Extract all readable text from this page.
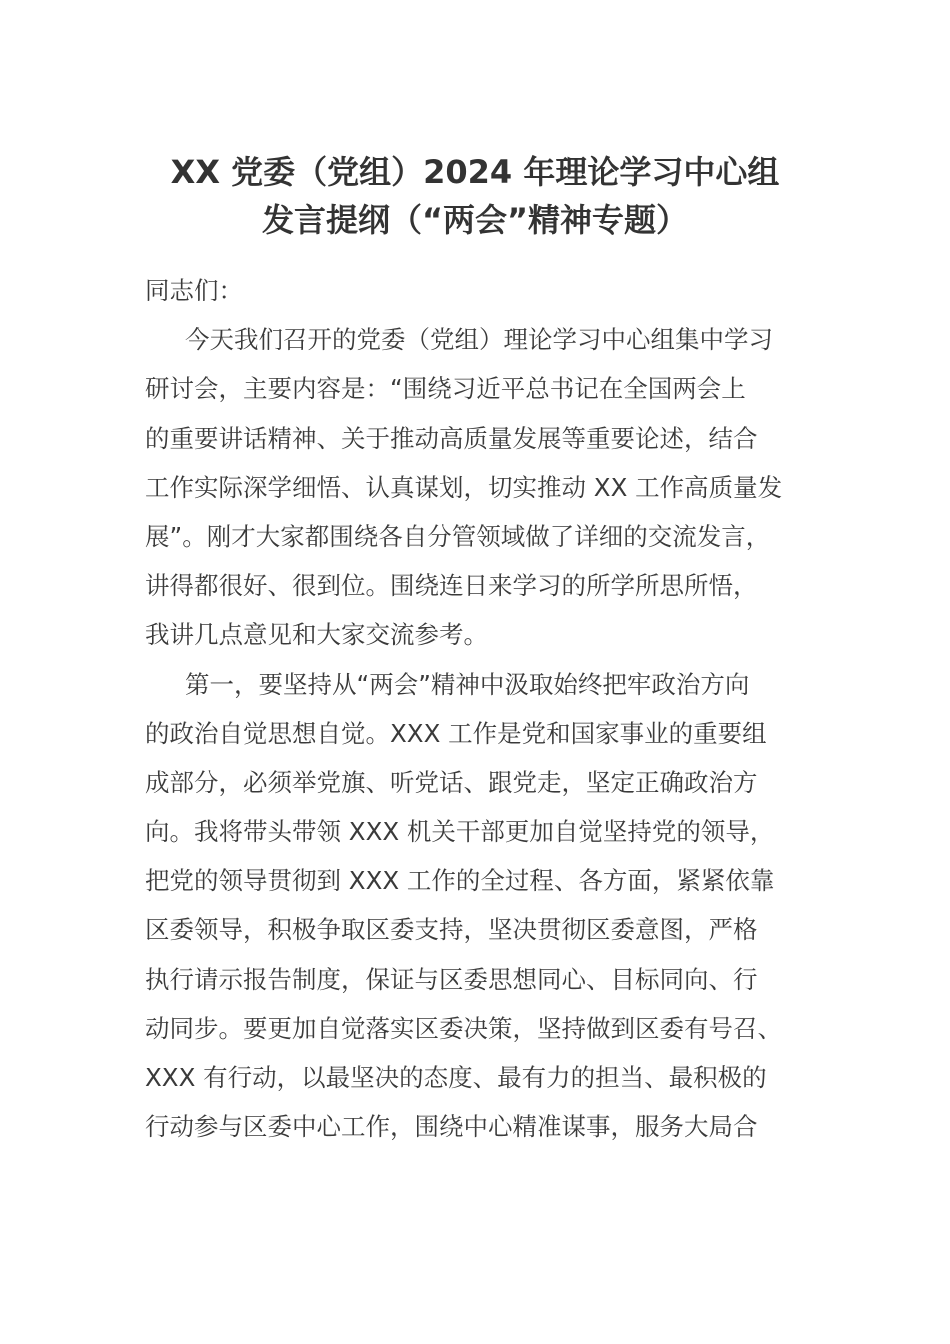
XX 党委（党组）2024 年理论学习中心组
发言提纲（“两会”精神专题）
同志们：
今天我们召开的党委（党组）理论学习中心组集中学习
研讨会，主要内容是：“围绕习近平总书记在全国两会上
的重要讲话精神、关于推动高质量发展等重要论述，结合
工作实际深学细悟、认真谋划，切实推动 XX 工作高质量发
展”。刚才大家都围绕各自分管领域做了详细的交流发言，
讲得都很好、很到位。围绕连日来学习的所学所思所悟，
我讲几点意见和大家交流参考。
第一，要坚持从“两会”精神中汲取始终把牢政治方向
的政治自觉思想自觉。XXX 工作是党和国家事业的重要组
成部分，必须举党旗、听党话、跟党走，坚定正确政治方
向。我将带头带领 XXX 机关干部更加自觉坚持党的领导，
把党的领导贯彻到 XXX 工作的全过程、各方面，紧紧依靠
区委领导，积极争取区委支持，坚决贯彻区委意图，严格
执行请示报告制度，保证与区委思想同心、目标同向、行
动同步。要更加自觉落实区委决策，坚持做到区委有号召、
XXX 有行动，以最坚决的态度、最有力的担当、最积极的
行动参与区委中心工作，围绕中心精准谋事，服务大局合
